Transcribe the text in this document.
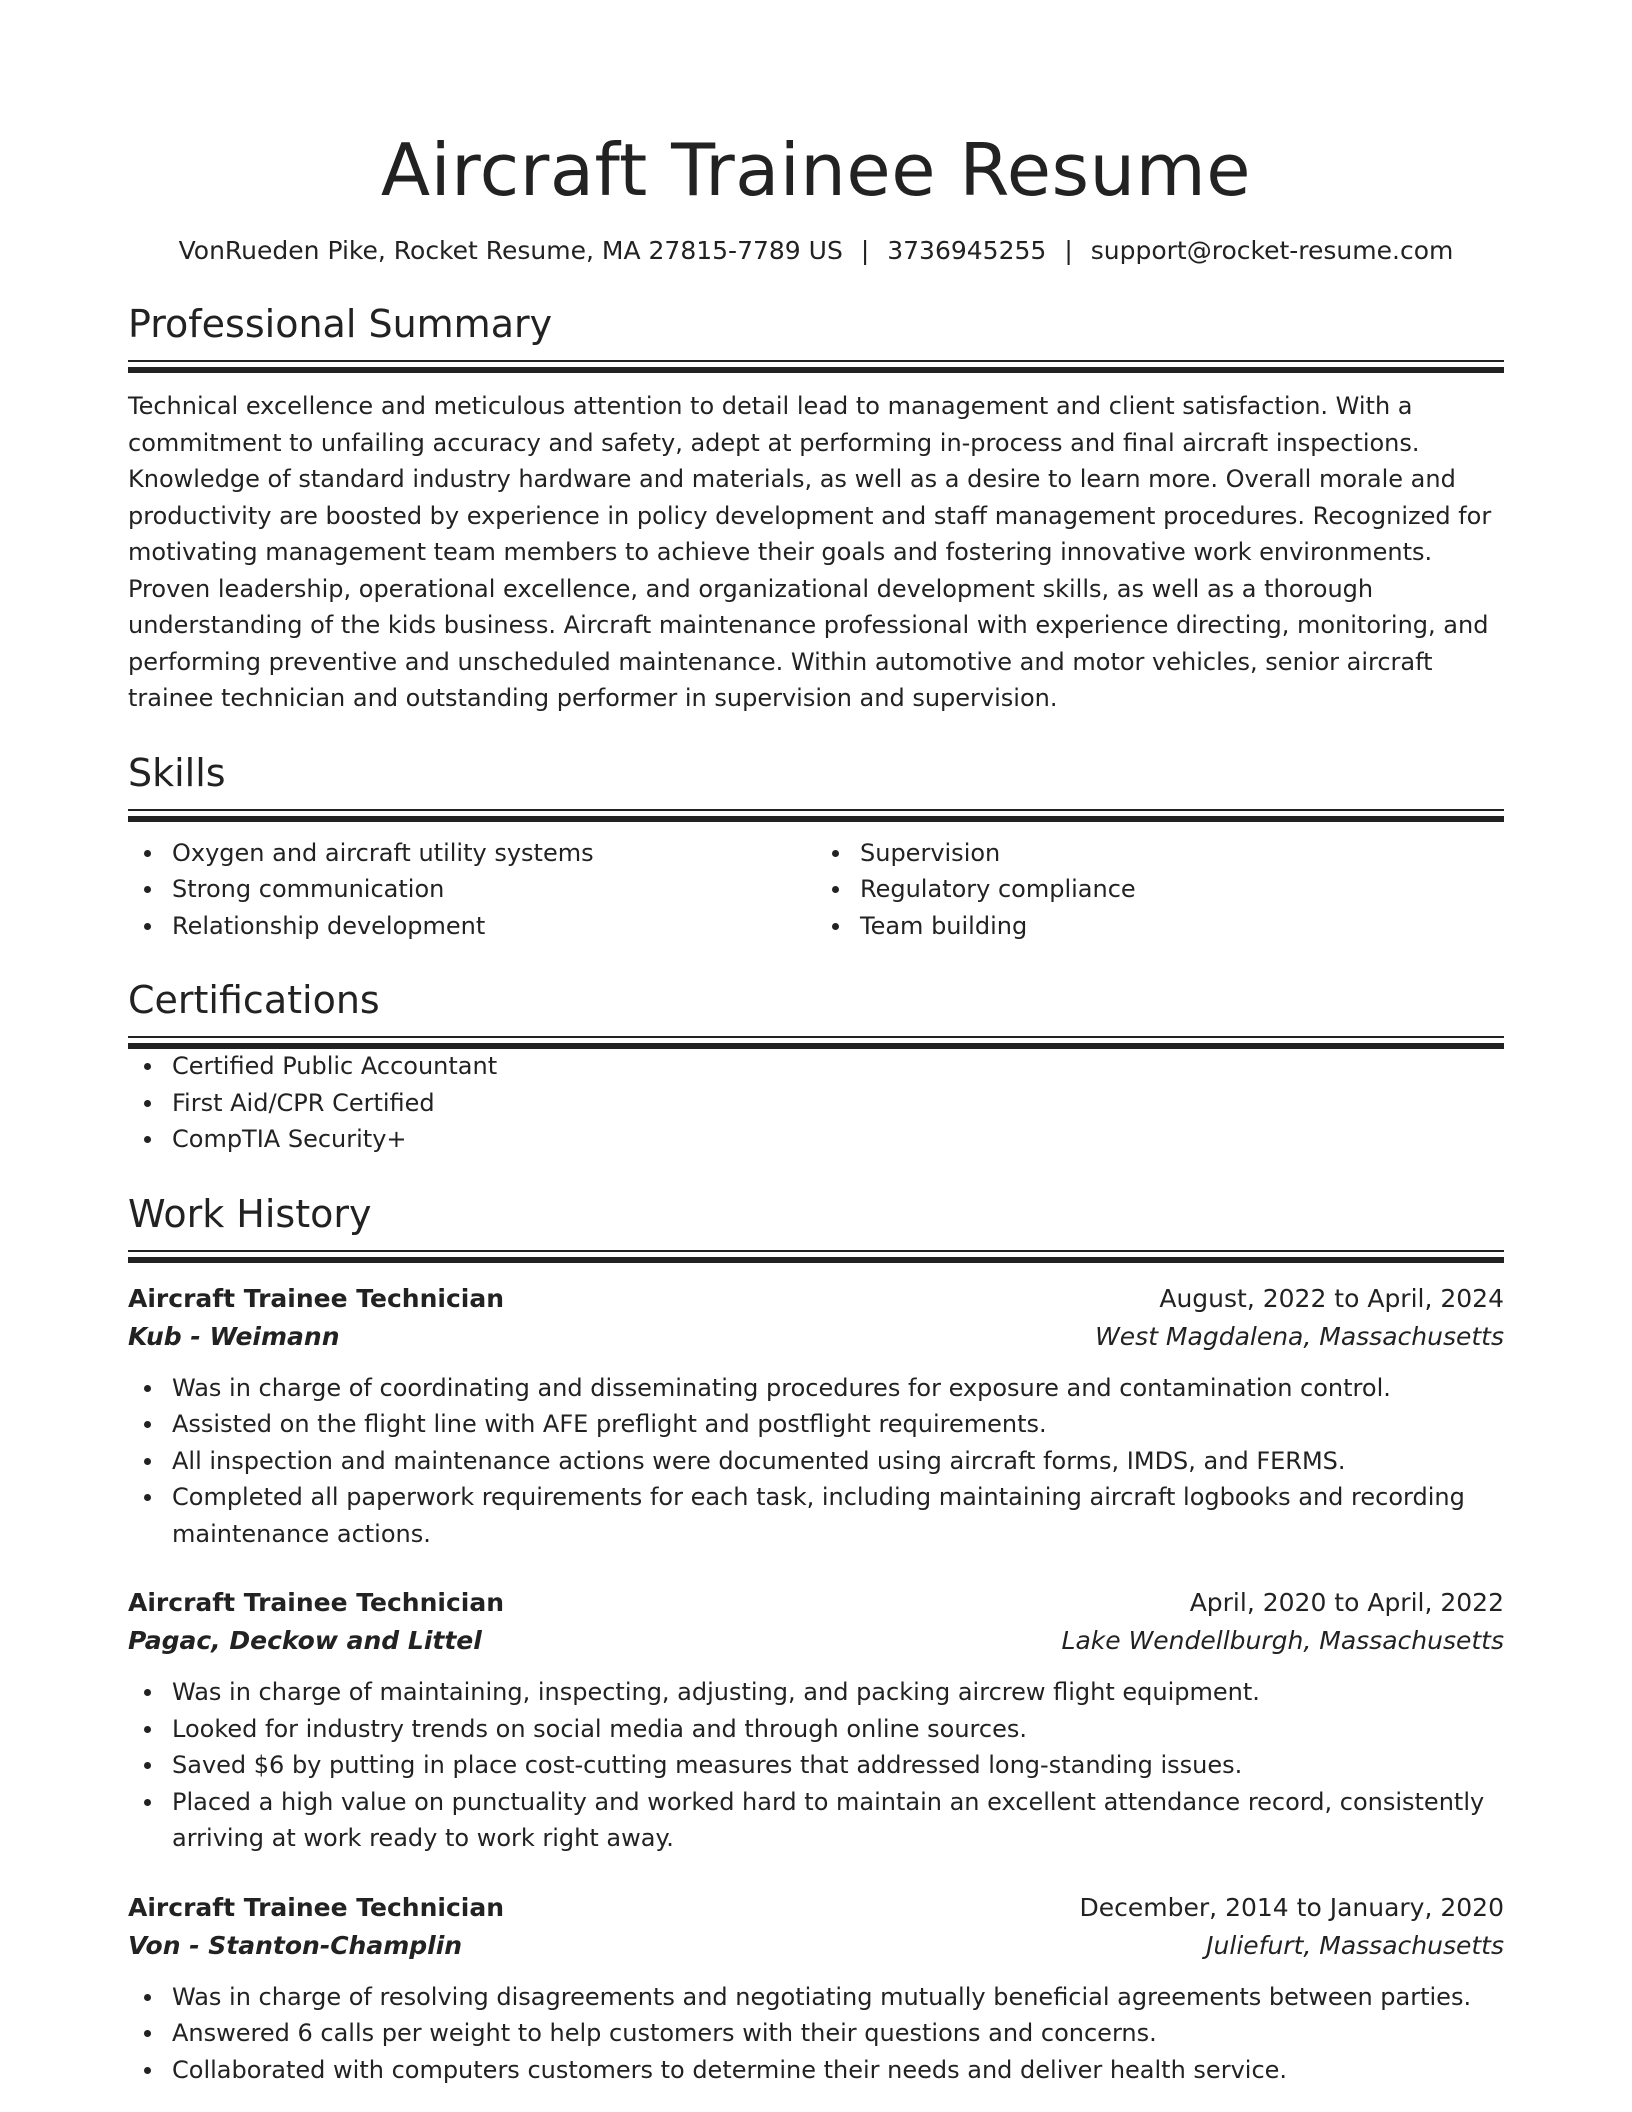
Aircraft Trainee Resume
VonRueden Pike, Rocket Resume, MA 27815-7789 US | 3736945255 | support@rocket-resume.com
Professional Summary
Technical excellence and meticulous attention to detail lead to management and client satisfaction. With a commitment to unfailing accuracy and safety, adept at performing in-process and final aircraft inspections. Knowledge of standard industry hardware and materials, as well as a desire to learn more. Overall morale and productivity are boosted by experience in policy development and staff management procedures. Recognized for motivating management team members to achieve their goals and fostering innovative work environments. Proven leadership, operational excellence, and organizational development skills, as well as a thorough understanding of the kids business. Aircraft maintenance professional with experience directing, monitoring, and performing preventive and unscheduled maintenance. Within automotive and motor vehicles, senior aircraft trainee technician and outstanding performer in supervision and supervision.
Skills
Oxygen and aircraft utility systems
Strong communication
Relationship development
Supervision
Regulatory compliance
Team building
Certifications
Certified Public Accountant
First Aid/CPR Certified
CompTIA Security+
Work History
Aircraft Trainee Technician	August, 2022 to April, 2024
Kub - Weimann	West Magdalena, Massachusetts
Was in charge of coordinating and disseminating procedures for exposure and contamination control.
Assisted on the flight line with AFE preflight and postflight requirements.
All inspection and maintenance actions were documented using aircraft forms, IMDS, and FERMS.
Completed all paperwork requirements for each task, including maintaining aircraft logbooks and recording maintenance actions.
Aircraft Trainee Technician	April, 2020 to April, 2022
Pagac, Deckow and Littel	Lake Wendellburgh, Massachusetts
Was in charge of maintaining, inspecting, adjusting, and packing aircrew flight equipment.
Looked for industry trends on social media and through online sources.
Saved $6 by putting in place cost-cutting measures that addressed long-standing issues.
Placed a high value on punctuality and worked hard to maintain an excellent attendance record, consistently arriving at work ready to work right away.
Aircraft Trainee Technician	December, 2014 to January, 2020
Von - Stanton-Champlin	Juliefurt, Massachusetts
Was in charge of resolving disagreements and negotiating mutually beneficial agreements between parties.
Answered 6 calls per weight to help customers with their questions and concerns.
Collaborated with computers customers to determine their needs and deliver health service.
